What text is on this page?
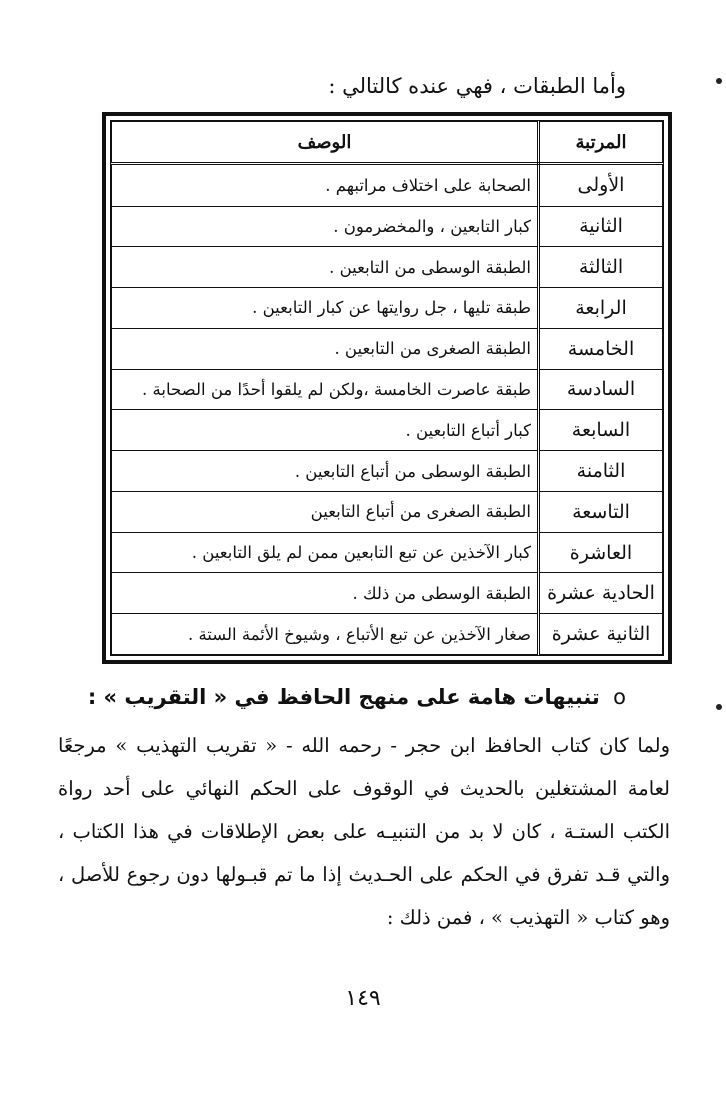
وأما الطبقات ، فهي عنده كالتالي :
المرتبة	الوصف
الأولى	الصحابة على اختلاف مراتبهم .
الثانية	كبار التابعين ، والمخضرمون .
الثالثة	الطبقة الوسطى من التابعين .
الرابعة	طبقة تليها ، جل روايتها عن كبار التابعين .
الخامسة	الطبقة الصغرى من التابعين .
السادسة	طبقة عاصرت الخامسة ،ولكن لم يلقوا أحدًا من الصحابة .
السابعة	كبار أتباع التابعين .
الثامنة	الطبقة الوسطى من أتباع التابعين .
التاسعة	الطبقة الصغرى من أتباع التابعين
العاشرة	كبار الآخذين عن تبع التابعين ممن لم يلق التابعين .
الحادية عشرة	الطبقة الوسطى من ذلك .
الثانية عشرة	صغار الآخذين عن تبع الأتباع ، وشيوخ الأئمة الستة .
o تنبيهات هامة على منهج الحافظ في « التقريب » :
ولما كان كتاب الحافظ ابن حجر - رحمه الله - « تقريب التهذيب » مرجعًا لعامة المشتغلين بالحديث في الوقوف على الحكم النهائي على أحد رواة الكتب الستـة ، كان لا بد من التنبيـه على بعض الإطلاقات في هذا الكتاب ، والتي قـد تفرق في الحكم على الحـديث إذا ما تم قبـولها دون رجوع للأصل ، وهو كتاب « التهذيب » ، فمن ذلك :
١٤٩
